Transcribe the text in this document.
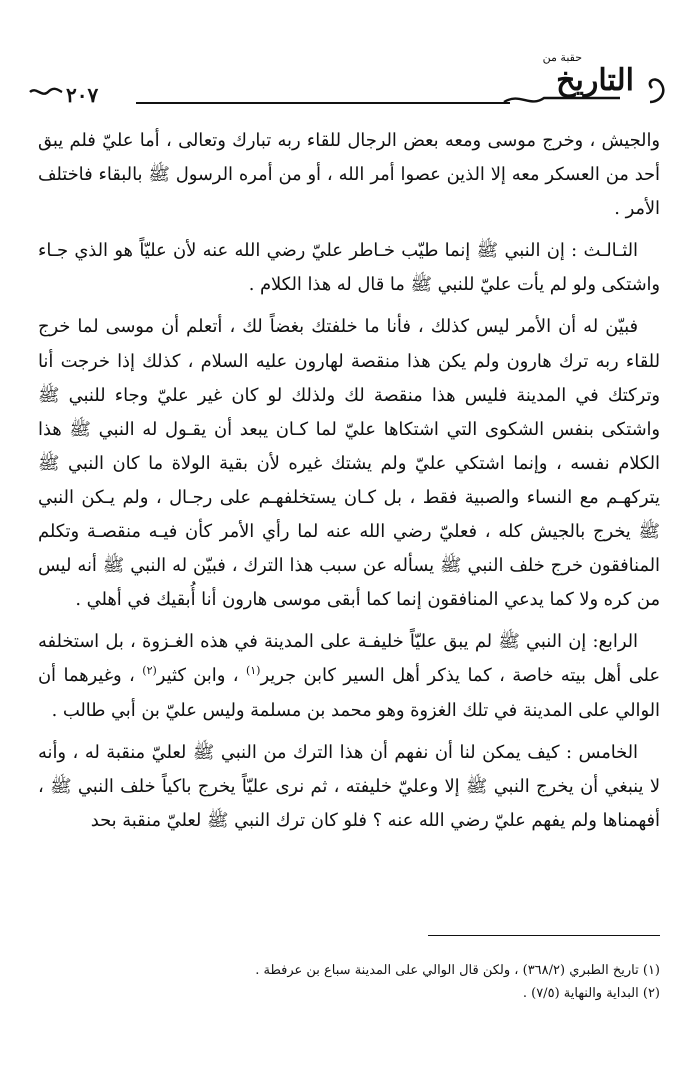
٢٠٧
حقبة من
التاريخ

والجيش ، وخرج موسى ومعه بعض الرجال للقاء ربه تبارك وتعالى ، أما عليّ فلم يبق أحد من العسكر معه إلا الذين عصوا أمر الله ، أو من أمره الرسول ﷺ بالبقاء فاختلف الأمر .

الثـالـث : إن النبي ﷺ إنما طيّب خـاطر عليّ رضي الله عنه لأن عليّاً هو الذي جـاء واشتكى ولو لم يأت عليّ للنبي ﷺ ما قال له هذا الكلام .

فبيّن له أن الأمر ليس كذلك ، فأنا ما خلفتك بغضاً لك ، أتعلم أن موسى لما خرج للقاء ربه ترك هارون ولم يكن هذا منقصة لهارون عليه السلام ، كذلك إذا خرجت أنا وتركتك في المدينة فليس هذا منقصة لك ولذلك لو كان غير عليّ وجاء للنبي ﷺ واشتكى بنفس الشكوى التي اشتكاها عليّ لما كـان يبعد أن يقـول له النبي ﷺ هذا الكلام نفسه ، وإنما اشتكي عليّ ولم يشتك غيره لأن بقية الولاة ما كان النبي ﷺ يتركهـم مع النساء والصبية فقط ، بل كـان يستخلفهـم على رجـال ، ولم يـكن النبي ﷺ يخرج بالجيش كله ، فعليّ رضي الله عنه لما رأي الأمر كأن فيـه منقصـة وتكلم المنافقون خرج خلف النبي ﷺ يسأله عن سبب هذا الترك ، فبيّن له النبي ﷺ أنه ليس من كره ولا كما يدعي المنافقون إنما كما أبقى موسى هارون أنا أُبقيك في أهلي .

الرابع: إن النبي ﷺ لم يبق عليّاً خليفـة على المدينة في هذه الغـزوة ، بل استخلفه على أهل بيته خاصة ، كما يذكر أهل السير كابن جرير$^{(١)}$ ، وابن كثير$^{(٢)}$ ، وغيرهما أن الوالي على المدينة في تلك الغزوة وهو محمد بن مسلمة وليس عليّ بن أبي طالب .

الخامس : كيف يمكن لنا أن نفهم أن هذا الترك من النبي ﷺ لعليّ منقبة له ، وأنه لا ينبغي أن يخرج النبي ﷺ إلا وعليّ خليفته ، ثم نرى عليّاً يخرج باكياً خلف النبي ﷺ ، أفهمناها ولم يفهم عليّ رضي الله عنه ؟ فلو كان ترك النبي ﷺ لعليّ منقبة بحد

(١) تاريخ الطبري (٣٦٨/٢) ، ولكن قال الوالي على المدينة سباع بن عرفطة .
(٢) البداية والنهاية (٧/٥) .
